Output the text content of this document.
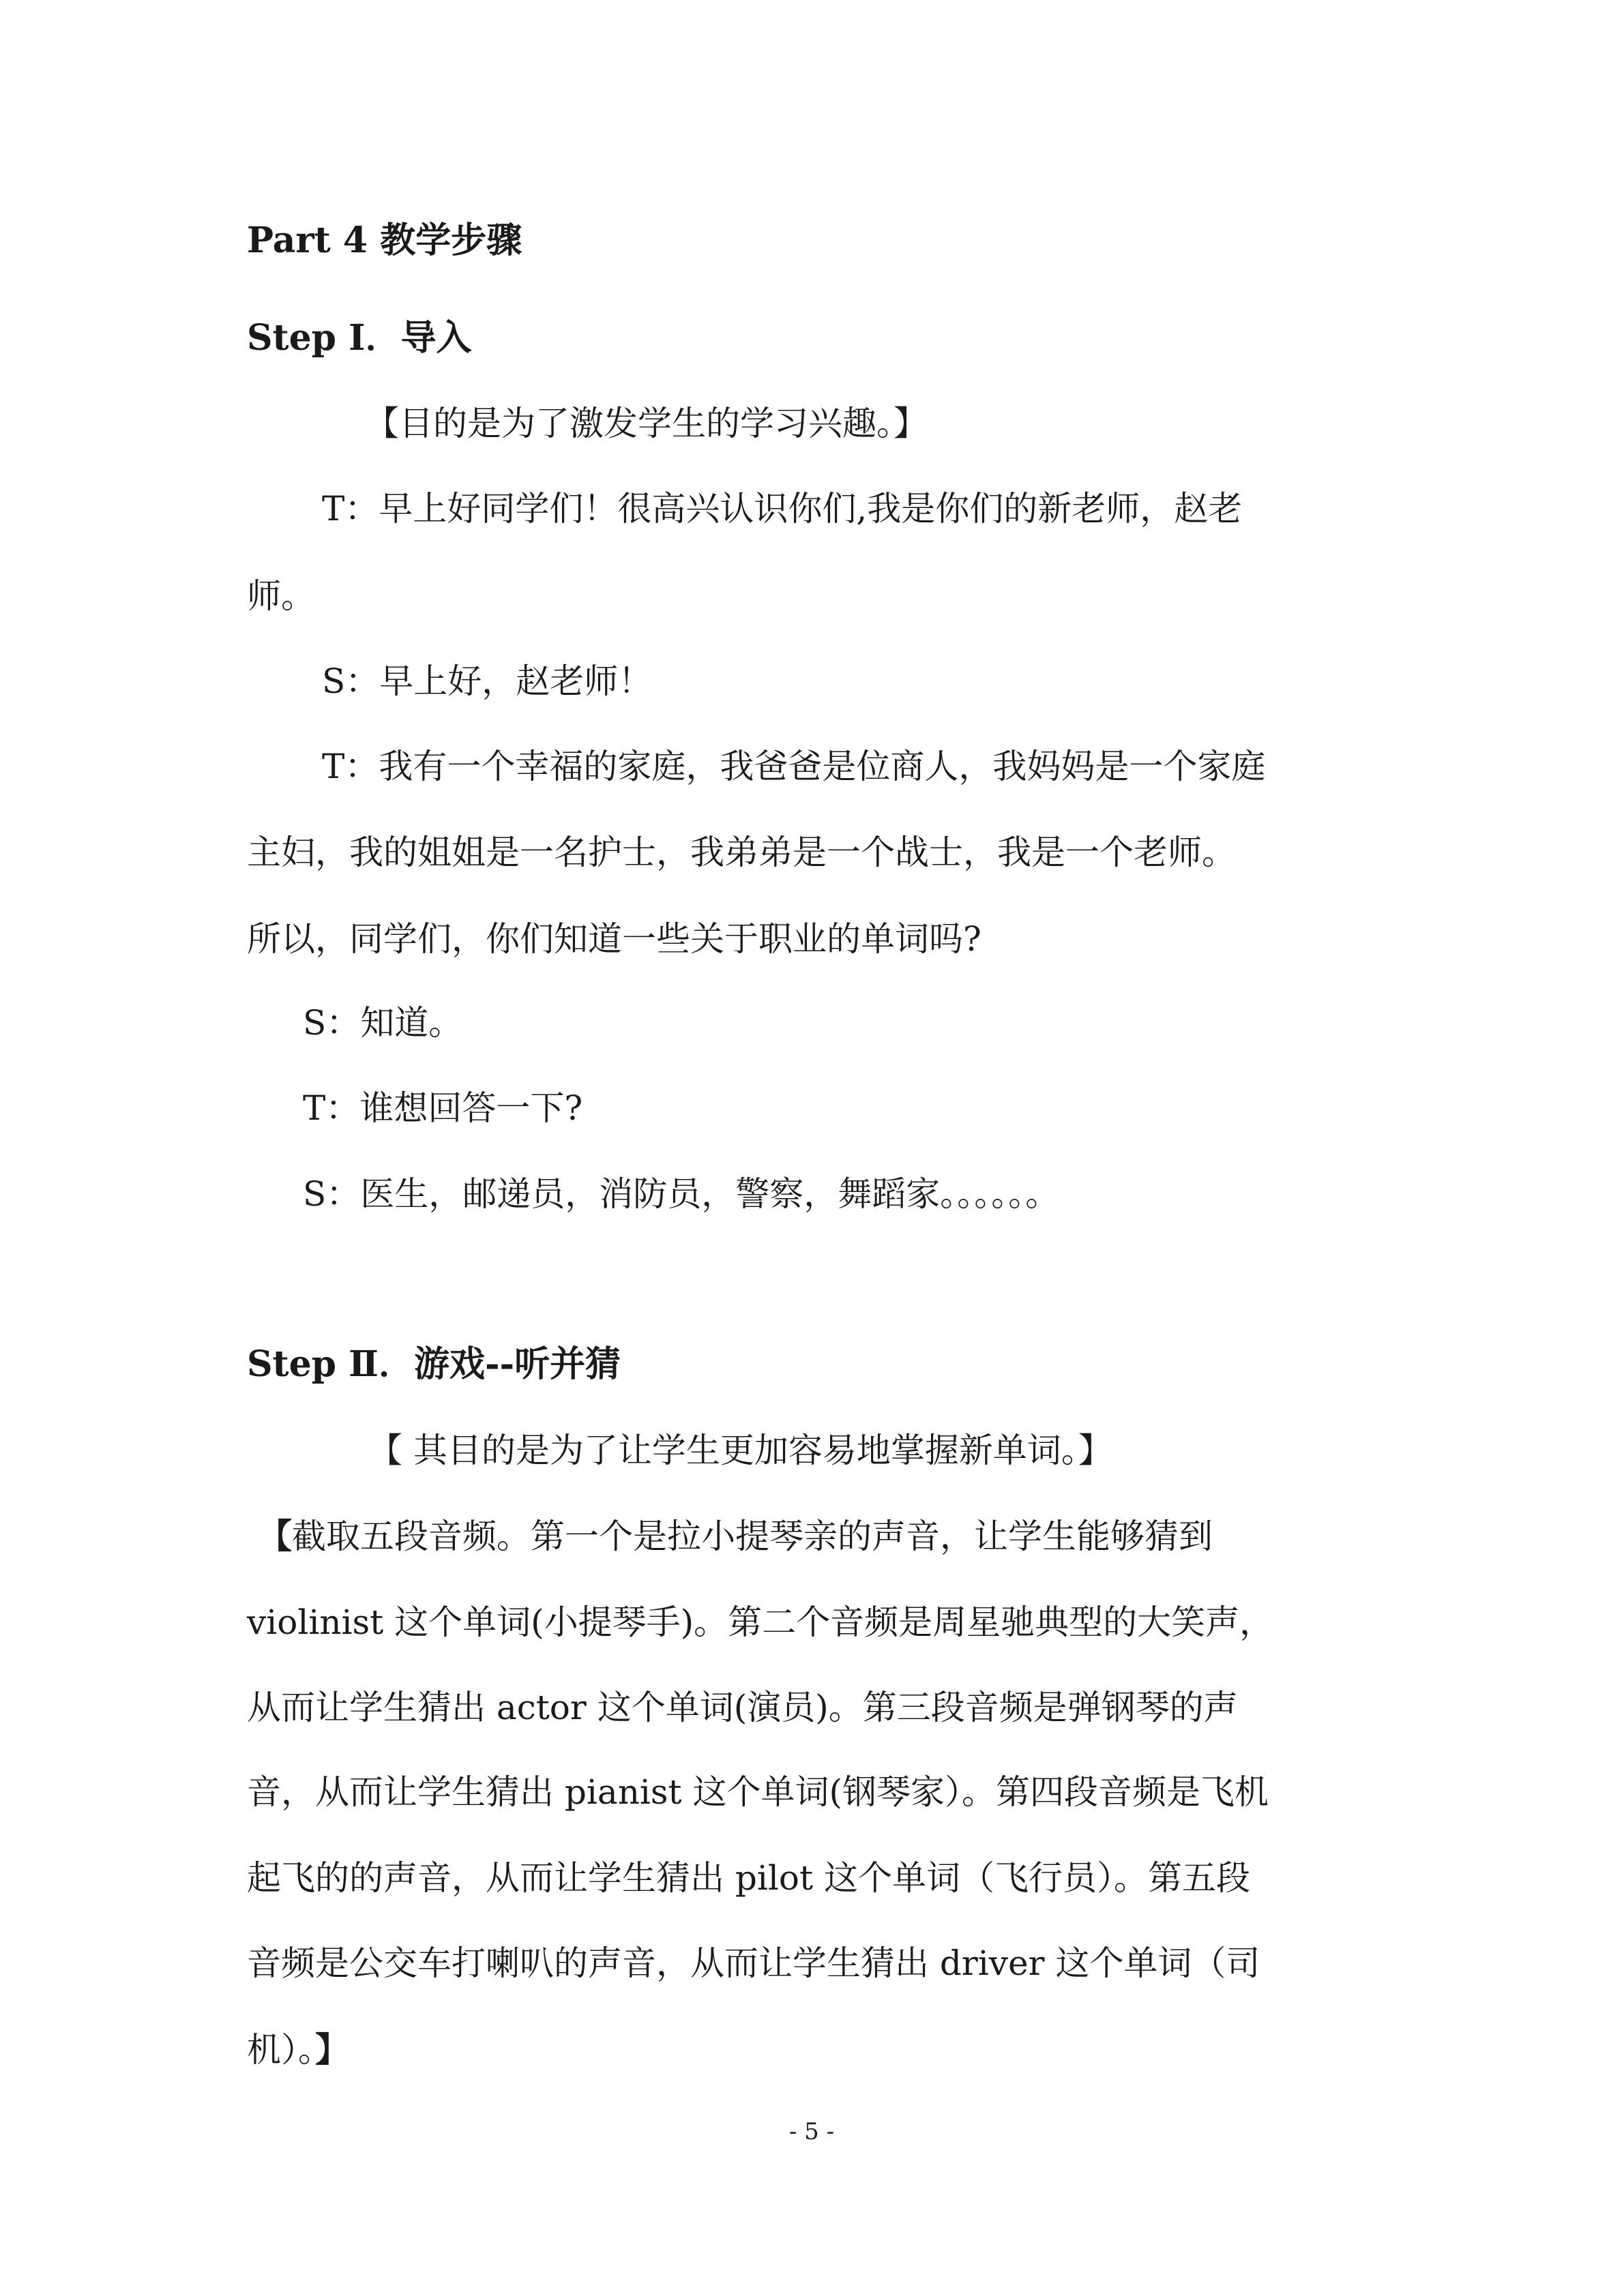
Part 4 教学步骤

Step Ⅰ．导入

【目的是为了激发学生的学习兴趣。】

T：早上好同学们！很高兴认识你们,我是你们的新老师，赵老

师。

S：早上好，赵老师！

T：我有一个幸福的家庭，我爸爸是位商人，我妈妈是一个家庭

主妇，我的姐姐是一名护士，我弟弟是一个战士，我是一个老师。

所以，同学们，你们知道一些关于职业的单词吗?

S：知道。

T：谁想回答一下?

S：医生，邮递员，消防员，警察，舞蹈家。。。。。。

Step Ⅱ．游戏--听并猜

【 其目的是为了让学生更加容易地掌握新单词。】

【截取五段音频。第一个是拉小提琴亲的声音，让学生能够猜到

violinist 这个单词(小提琴手)。第二个音频是周星驰典型的大笑声，

从而让学生猜出 actor 这个单词(演员)。第三段音频是弹钢琴的声

音，从而让学生猜出 pianist 这个单词(钢琴家）。第四段音频是飞机

起飞的的声音，从而让学生猜出 pilot 这个单词（飞行员）。第五段

音频是公交车打喇叭的声音，从而让学生猜出 driver 这个单词（司

机）。】

- 5 -
